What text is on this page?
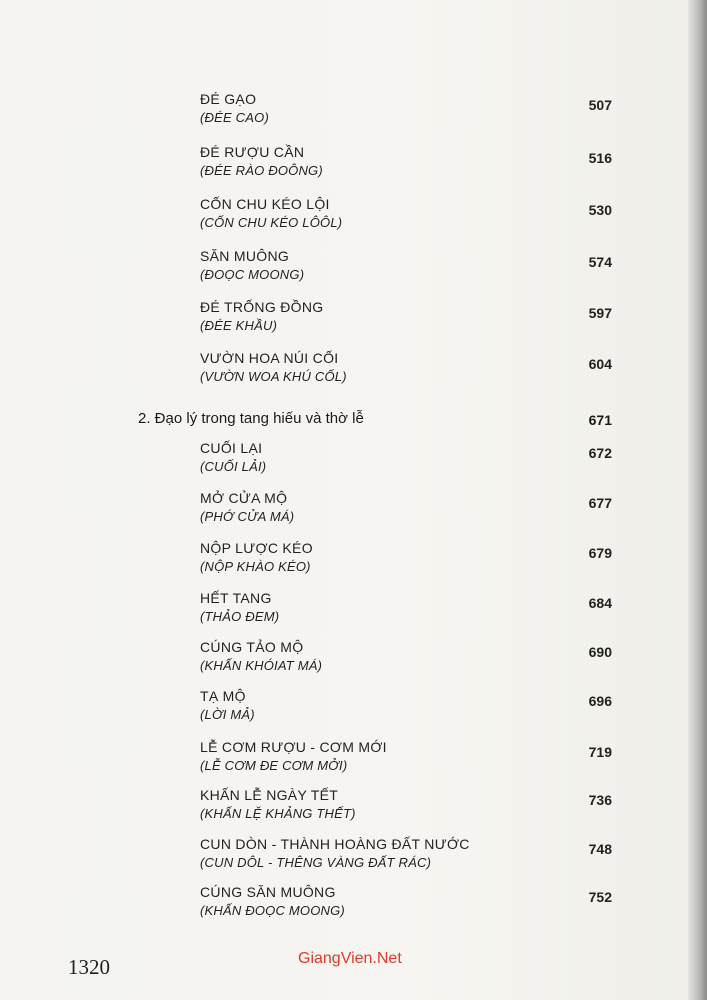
ĐÉ GẠO
(ĐÉE CAO)
507
ĐÉ RƯỢU CẦN
(ĐÉE RÀO ĐOÔNG)
516
CỐN CHU KÉO LỘI
(CỐN CHU KÉO LÔÔL)
530
SĂN MUÔNG
(ĐOỌC MOONG)
574
ĐÉ TRỐNG ĐỒNG
(ĐÉE KHẦU)
597
VƯỜN HOA NÚI CỐI
(VƯỜN WOA KHÚ CỐL)
604
2. Đạo lý trong tang hiếu và thờ lễ	671
CUỐI LẠI
(CUỐI LẢI)
672
MỞ CỬA MỘ
(PHỚ CỬA MÁ)
677
NỘP LƯỢC KÉO
(NỘP KHÀO KÉO)
679
HẾT TANG
(THẢO ĐEM)
684
CÚNG TẢO MỘ
(KHẤN KHÓIAT MÁ)
690
TẠ MỘ
(LỜI MẢ)
696
LỄ CƠM RƯỢU - CƠM MỚI
(LỄ CƠM ĐE CƠM MỞI)
719
KHẤN LỄ NGÀY TẾT
(KHẤN LỆ KHẢNG THẾT)
736
CUN DÒN - THÀNH HOÀNG ĐẤT NƯỚC
(CUN DÔL - THÊNG VÀNG ĐẤT RÁC)
748
CÚNG SĂN MUÔNG
(KHẤN ĐOỌC MOONG)
752
1320	GiangVien.Net
